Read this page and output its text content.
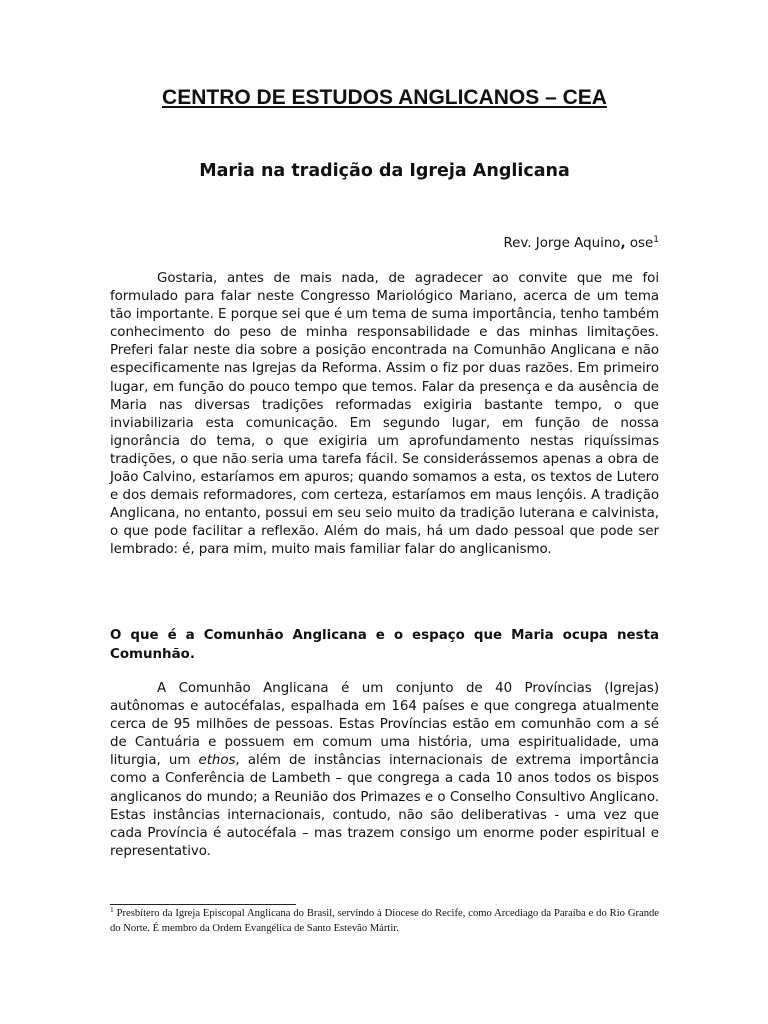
CENTRO DE ESTUDOS ANGLICANOS – CEA
Maria na tradição da Igreja Anglicana
Rev. Jorge Aquino, ose$^1$

Gostaria, antes de mais nada, de agradecer ao convite que me foi formulado para falar neste Congresso Mariológico Mariano, acerca de um tema tão importante. E porque sei que é um tema de suma importância, tenho também conhecimento do peso de minha responsabilidade e das minhas limitações. Preferi falar neste dia sobre a posição encontrada na Comunhão Anglicana e não especificamente nas Igrejas da Reforma. Assim o fiz por duas razões. Em primeiro lugar, em função do pouco tempo que temos. Falar da presença e da ausência de Maria nas diversas tradições reformadas exigiria bastante tempo, o que inviabilizaria esta comunicação. Em segundo lugar, em função de nossa ignorância do tema, o que exigiria um aprofundamento nestas riquíssimas tradições, o que não seria uma tarefa fácil. Se considerássemos apenas a obra de João Calvino, estaríamos em apuros; quando somamos a esta, os textos de Lutero e dos demais reformadores, com certeza, estaríamos em maus lençóis. A tradição Anglicana, no entanto, possui em seu seio muito da tradição luterana e calvinista, o que pode facilitar a reflexão. Além do mais, há um dado pessoal que pode ser lembrado: é, para mim, muito mais familiar falar do anglicanismo.

O que é a Comunhão Anglicana e o espaço que Maria ocupa nesta Comunhão.

A Comunhão Anglicana é um conjunto de 40 Províncias (Igrejas) autônomas e autocéfalas, espalhada em 164 países e que congrega atualmente cerca de 95 milhões de pessoas. Estas Províncias estão em comunhão com a sé de Cantuária e possuem em comum uma história, uma espiritualidade, uma liturgia, um ethos, além de instâncias internacionais de extrema importância como a Conferência de Lambeth – que congrega a cada 10 anos todos os bispos anglicanos do mundo; a Reunião dos Primazes e o Conselho Consultivo Anglicano. Estas instâncias internacionais, contudo, não são deliberativas - uma vez que cada Província é autocéfala – mas trazem consigo um enorme poder espiritual e representativo.

$^1$ Presbítero da Igreja Episcopal Anglicana do Brasil, servindo à Diocese do Recife, como Arcediago da Paraíba e do Rio Grande do Norte. É membro da Ordem Evangélica de Santo Estevão Mártir.
